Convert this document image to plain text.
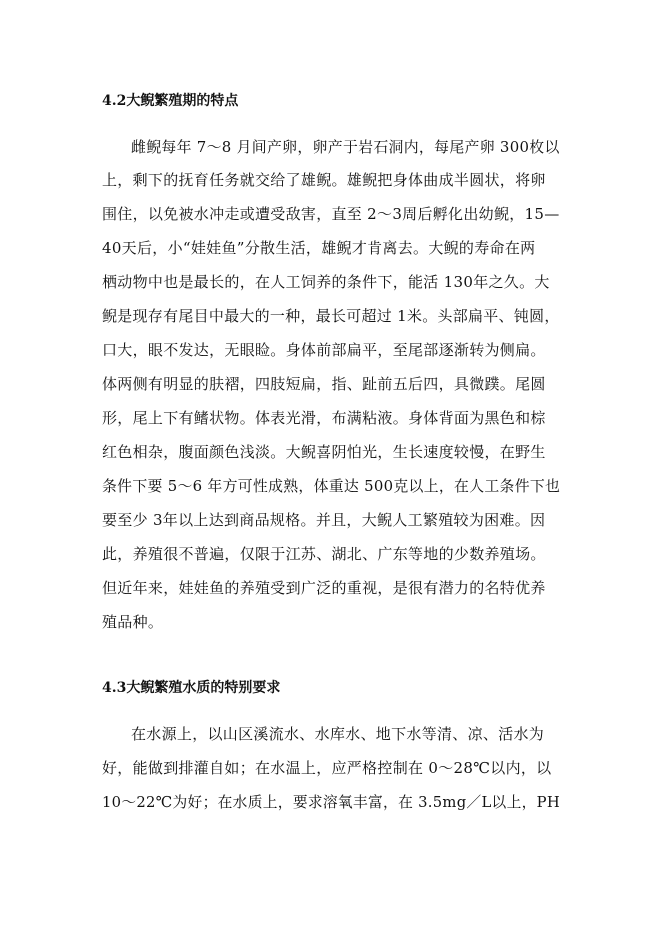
4.2大鲵繁殖期的特点
雌鲵每年 7～8 月间产卵，卵产于岩石洞内，每尾产卵 300枚以
上，剩下的抚育任务就交给了雄鲵。雄鲵把身体曲成半圆状，将卵
围住，以免被水冲走或遭受敌害，直至 2～3周后孵化出幼鲵，15—
40天后，小“娃娃鱼”分散生活，雄鲵才肯离去。大鲵的寿命在两
栖动物中也是最长的，在人工饲养的条件下，能活 130年之久。大
鲵是现存有尾目中最大的一种，最长可超过 1米。头部扁平、钝圆，
口大，眼不发达，无眼睑。身体前部扁平，至尾部逐渐转为侧扁。
体两侧有明显的肤褶，四肢短扁，指、趾前五后四，具微蹼。尾圆
形，尾上下有鳍状物。体表光滑，布满粘液。身体背面为黑色和棕
红色相杂，腹面颜色浅淡。大鲵喜阴怕光，生长速度较慢，在野生
条件下要 5～6 年方可性成熟，体重达 500克以上，在人工条件下也
要至少 3年以上达到商品规格。并且，大鲵人工繁殖较为困难。因
此，养殖很不普遍，仅限于江苏、湖北、广东等地的少数养殖场。
但近年来，娃娃鱼的养殖受到广泛的重视，是很有潜力的名特优养
殖品种。
4.3大鲵繁殖水质的特别要求
在水源上，以山区溪流水、水库水、地下水等清、凉、活水为
好，能做到排灌自如；在水温上，应严格控制在 0～28℃以内，以
10～22℃为好；在水质上，要求溶氧丰富，在 3.5mg／L以上，PH
